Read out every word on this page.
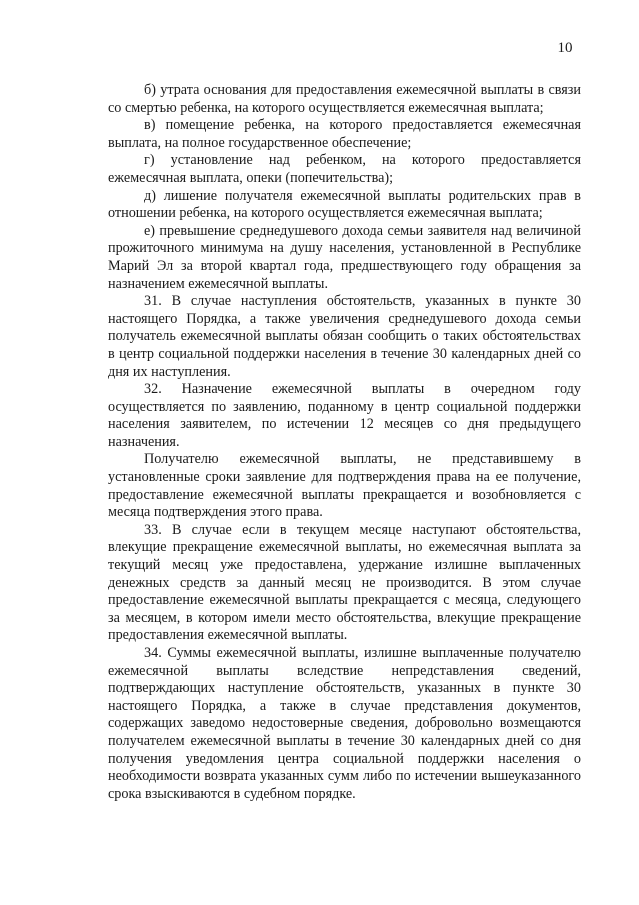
10

б) утрата основания для предоставления ежемесячной выплаты в связи со смертью ребенка, на которого осуществляется ежемесячная выплата;

в) помещение ребенка, на которого предоставляется ежемесячная выплата, на полное государственное обеспечение;

г) установление над ребенком, на которого предоставляется ежемесячная выплата, опеки (попечительства);

д) лишение получателя ежемесячной выплаты родительских прав в отношении ребенка, на которого осуществляется ежемесячная выплата;

е) превышение среднедушевого дохода семьи заявителя над величиной прожиточного минимума на душу населения, установленной в Республике Марий Эл за второй квартал года, предшествующего году обращения за назначением ежемесячной выплаты.

31. В случае наступления обстоятельств, указанных в пункте 30 настоящего Порядка, а также увеличения среднедушевого дохода семьи получатель ежемесячной выплаты обязан сообщить о таких обстоятельствах в центр социальной поддержки населения в течение 30 календарных дней со дня их наступления.

32. Назначение ежемесячной выплаты в очередном году осуществляется по заявлению, поданному в центр социальной поддержки населения заявителем, по истечении 12 месяцев со дня предыдущего назначения.

Получателю ежемесячной выплаты, не представившему в установленные сроки заявление для подтверждения права на ее получение, предоставление ежемесячной выплаты прекращается и возобновляется с месяца подтверждения этого права.

33. В случае если в текущем месяце наступают обстоятельства, влекущие прекращение ежемесячной выплаты, но ежемесячная выплата за текущий месяц уже предоставлена, удержание излишне выплаченных денежных средств за данный месяц не производится. В этом случае предоставление ежемесячной выплаты прекращается с месяца, следующего за месяцем, в котором имели место обстоятельства, влекущие прекращение предоставления ежемесячной выплаты.

34. Суммы ежемесячной выплаты, излишне выплаченные получателю ежемесячной выплаты вследствие непредставления сведений, подтверждающих наступление обстоятельств, указанных в пункте 30 настоящего Порядка, а также в случае представления документов, содержащих заведомо недостоверные сведения, добровольно возмещаются получателем ежемесячной выплаты в течение 30 календарных дней со дня получения уведомления центра социальной поддержки населения о необходимости возврата указанных сумм либо по истечении вышеуказанного срока взыскиваются в судебном порядке.
